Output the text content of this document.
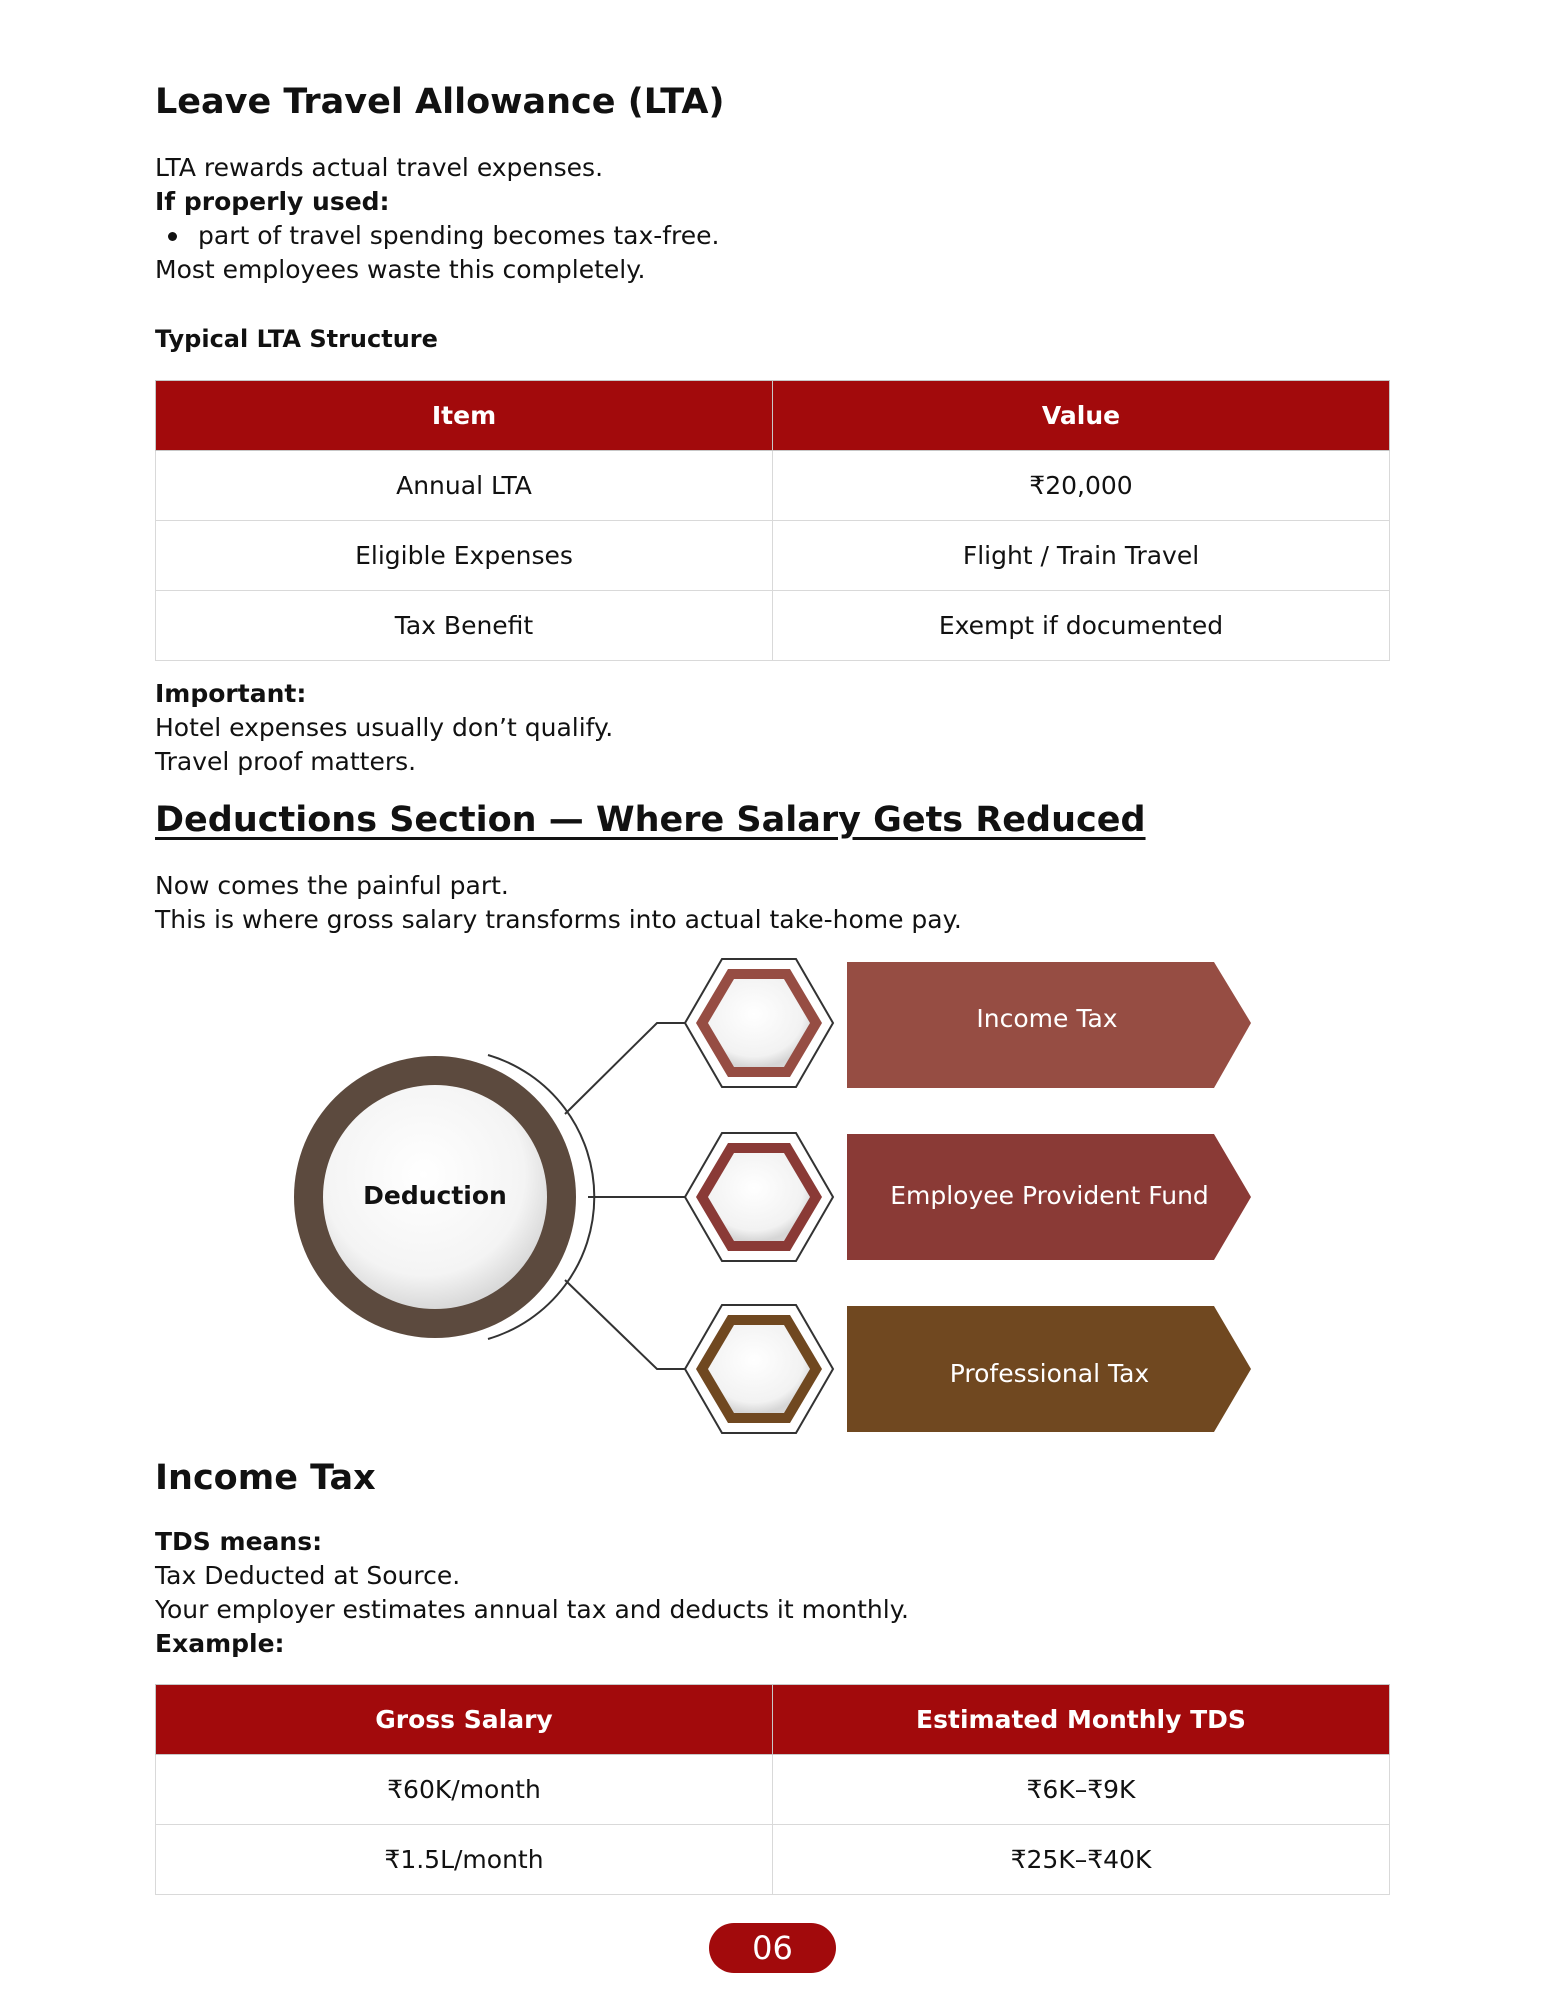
Leave Travel Allowance (LTA)
LTA rewards actual travel expenses.
If properly used:
part of travel spending becomes tax-free.
Most employees waste this completely.
Typical LTA Structure
Item	Value
Annual LTA	₹20,000
Eligible Expenses	Flight / Train Travel
Tax Benefit	Exempt if documented
Important:
Hotel expenses usually don’t qualify.
Travel proof matters.
Deductions Section — Where Salary Gets Reduced
Now comes the painful part.
This is where gross salary transforms into actual take-home pay.
Deduction
Income Tax
Employee Provident Fund
Professional Tax
Income Tax
TDS means:
Tax Deducted at Source.
Your employer estimates annual tax and deducts it monthly.
Example:
Gross Salary	Estimated Monthly TDS
₹60K/month	₹6K–₹9K
₹1.5L/month	₹25K–₹40K
06
